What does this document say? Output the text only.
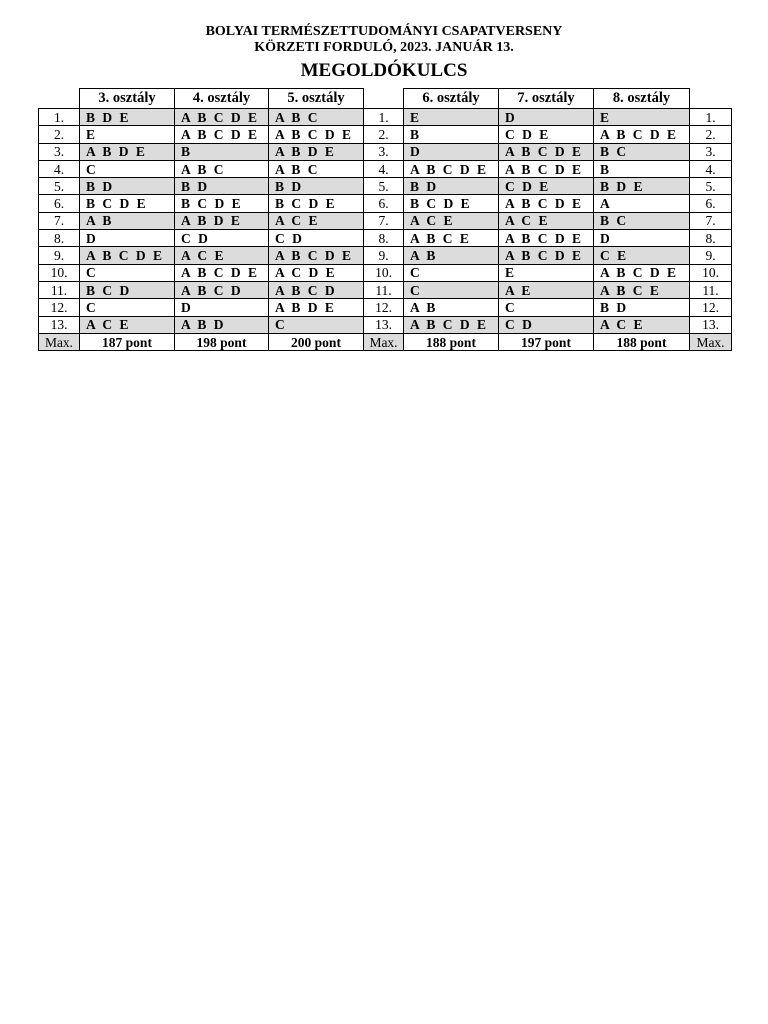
BOLYAI TERMÉSZETTUDOMÁNYI CSAPATVERSENY
KÖRZETI FORDULÓ, 2023. JANUÁR 13.
MEGOLDÓKULCS
	3. osztály	4. osztály	5. osztály		6. osztály	7. osztály	8. osztály	
1.	B D E	A B C D E	A B C	1.	E	D	E	1.
2.	E	A B C D E	A B C D E	2.	B	C D E	A B C D E	2.
3.	A B D E	B	A B D E	3.	D	A B C D E	B C	3.
4.	C	A B C	A B C	4.	A B C D E	A B C D E	B	4.
5.	B D	B D	B D	5.	B D	C D E	B D E	5.
6.	B C D E	B C D E	B C D E	6.	B C D E	A B C D E	A	6.
7.	A B	A B D E	A C E	7.	A C E	A C E	B C	7.
8.	D	C D	C D	8.	A B C E	A B C D E	D	8.
9.	A B C D E	A C E	A B C D E	9.	A B	A B C D E	C E	9.
10.	C	A B C D E	A C D E	10.	C	E	A B C D E	10.
11.	B C D	A B C D	A B C D	11.	C	A E	A B C E	11.
12.	C	D	A B D E	12.	A B	C	B D	12.
13.	A C E	A B D	C	13.	A B C D E	C D	A C E	13.
Max.	187 pont	198 pont	200 pont	Max.	188 pont	197 pont	188 pont	Max.
